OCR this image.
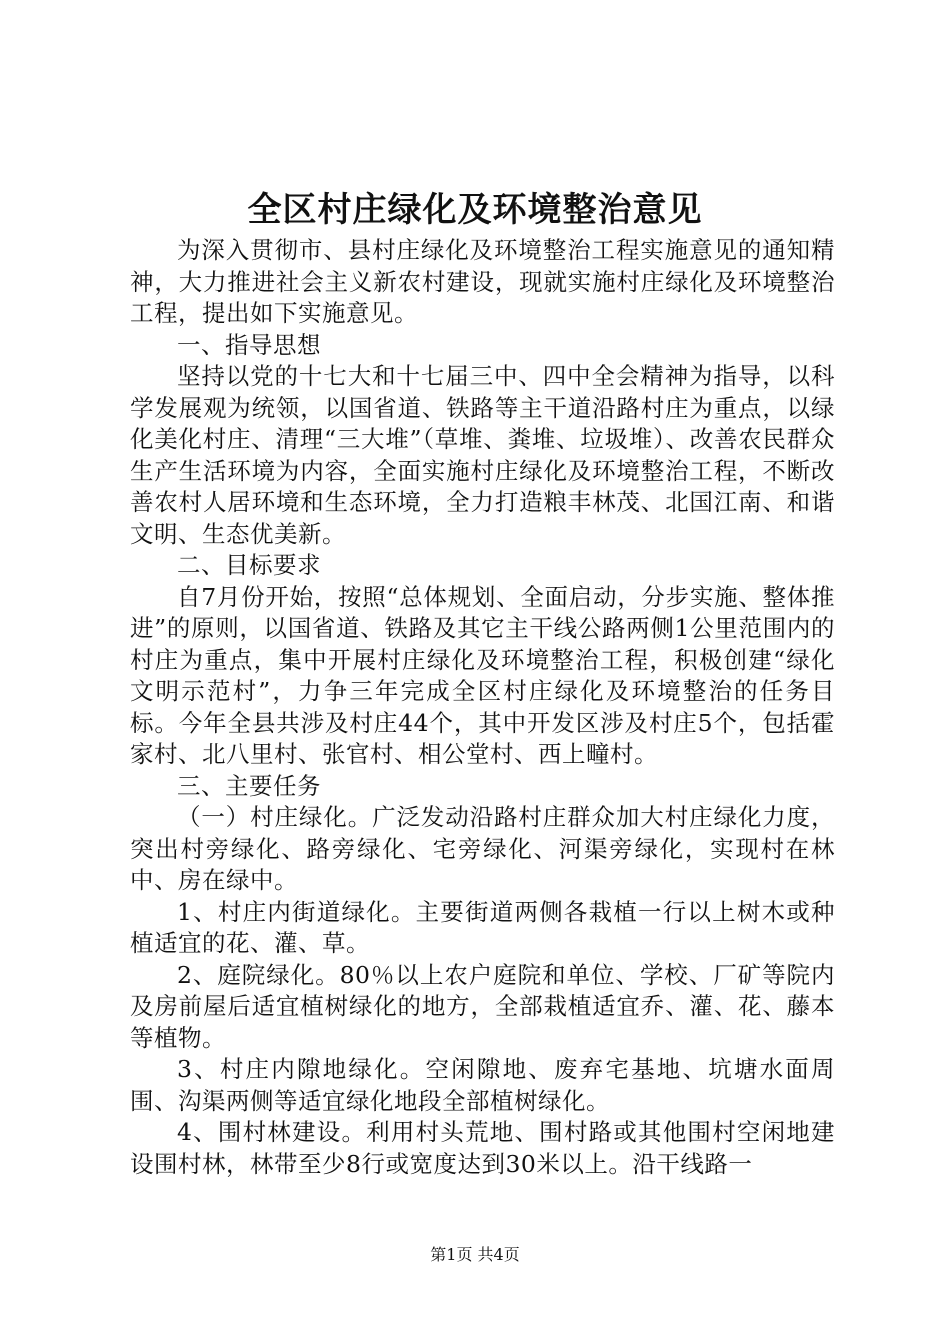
全区村庄绿化及环境整治意见

为深入贯彻市、县村庄绿化及环境整治工程实施意见的通知精神，大力推进社会主义新农村建设，现就实施村庄绿化及环境整治工程，提出如下实施意见。

一、指导思想

坚持以党的十七大和十七届三中、四中全会精神为指导，以科学发展观为统领，以国省道、铁路等主干道沿路村庄为重点，以绿化美化村庄、清理“三大堆”（草堆、粪堆、垃圾堆）、改善农民群众生产生活环境为内容，全面实施村庄绿化及环境整治工程，不断改善农村人居环境和生态环境，全力打造粮丰林茂、北国江南、和谐文明、生态优美新。

二、目标要求

自7月份开始，按照“总体规划、全面启动，分步实施、整体推进”的原则，以国省道、铁路及其它主干线公路两侧1公里范围内的村庄为重点，集中开展村庄绿化及环境整治工程，积极创建“绿化文明示范村”，力争三年完成全区村庄绿化及环境整治的任务目标。今年全县共涉及村庄44个，其中开发区涉及村庄5个，包括霍家村、北八里村、张官村、相公堂村、西上疃村。

三、主要任务

（一）村庄绿化。广泛发动沿路村庄群众加大村庄绿化力度，突出村旁绿化、路旁绿化、宅旁绿化、河渠旁绿化，实现村在林中、房在绿中。

1、村庄内街道绿化。主要街道两侧各栽植一行以上树木或种植适宜的花、灌、草。

2、庭院绿化。80％以上农户庭院和单位、学校、厂矿等院内及房前屋后适宜植树绿化的地方，全部栽植适宜乔、灌、花、藤本等植物。

3、村庄内隙地绿化。空闲隙地、废弃宅基地、坑塘水面周围、沟渠两侧等适宜绿化地段全部植树绿化。

4、围村林建设。利用村头荒地、围村路或其他围村空闲地建设围村林，林带至少8行或宽度达到30米以上。沿干线路一

第1页 共4页
